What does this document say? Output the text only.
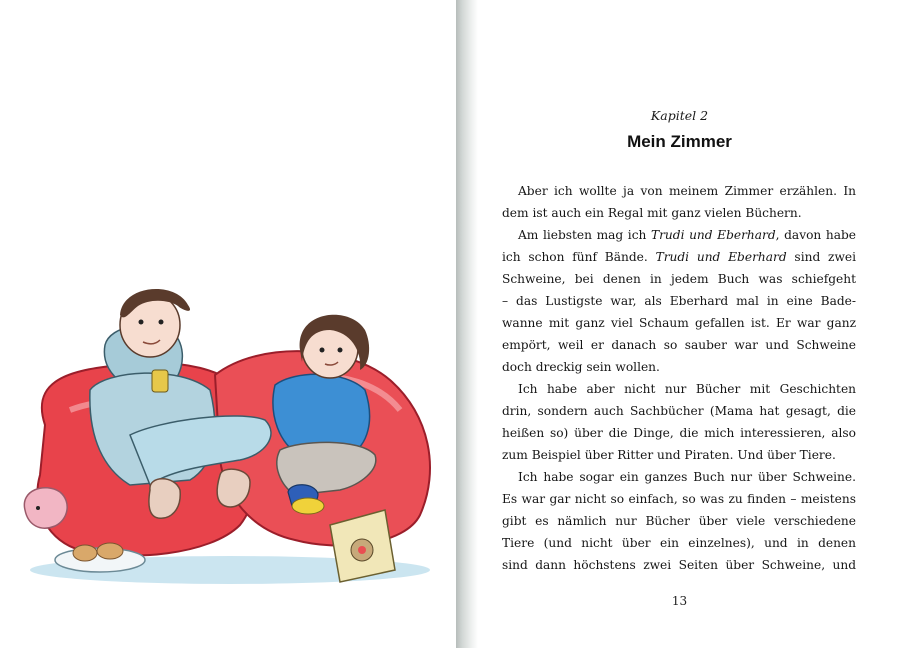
Kapitel 2

Mein Zimmer
Aber ich wollte ja von meinem Zimmer erzählen. In
dem ist auch ein Regal mit ganz vielen Büchern.
Am liebsten mag ich Trudi und Eberhard, davon habe
ich schon fünf Bände. Trudi und Eberhard sind zwei
Schweine, bei denen in jedem Buch was schiefgeht
– das Lustigste war, als Eberhard mal in eine Bade-
wanne mit ganz viel Schaum gefallen ist. Er war ganz
empört, weil er danach so sauber war und Schweine
doch dreckig sein wollen.
Ich habe aber nicht nur Bücher mit Geschichten
drin, sondern auch Sachbücher (Mama hat gesagt, die
heißen so) über die Dinge, die mich interessieren, also
zum Beispiel über Ritter und Piraten. Und über Tiere.
Ich habe sogar ein ganzes Buch nur über Schweine.
Es war gar nicht so einfach, so was zu finden – meistens
gibt es nämlich nur Bücher über viele verschiedene
Tiere (und nicht über ein einzelnes), und in denen
sind dann höchstens zwei Seiten über Schweine, und

13
